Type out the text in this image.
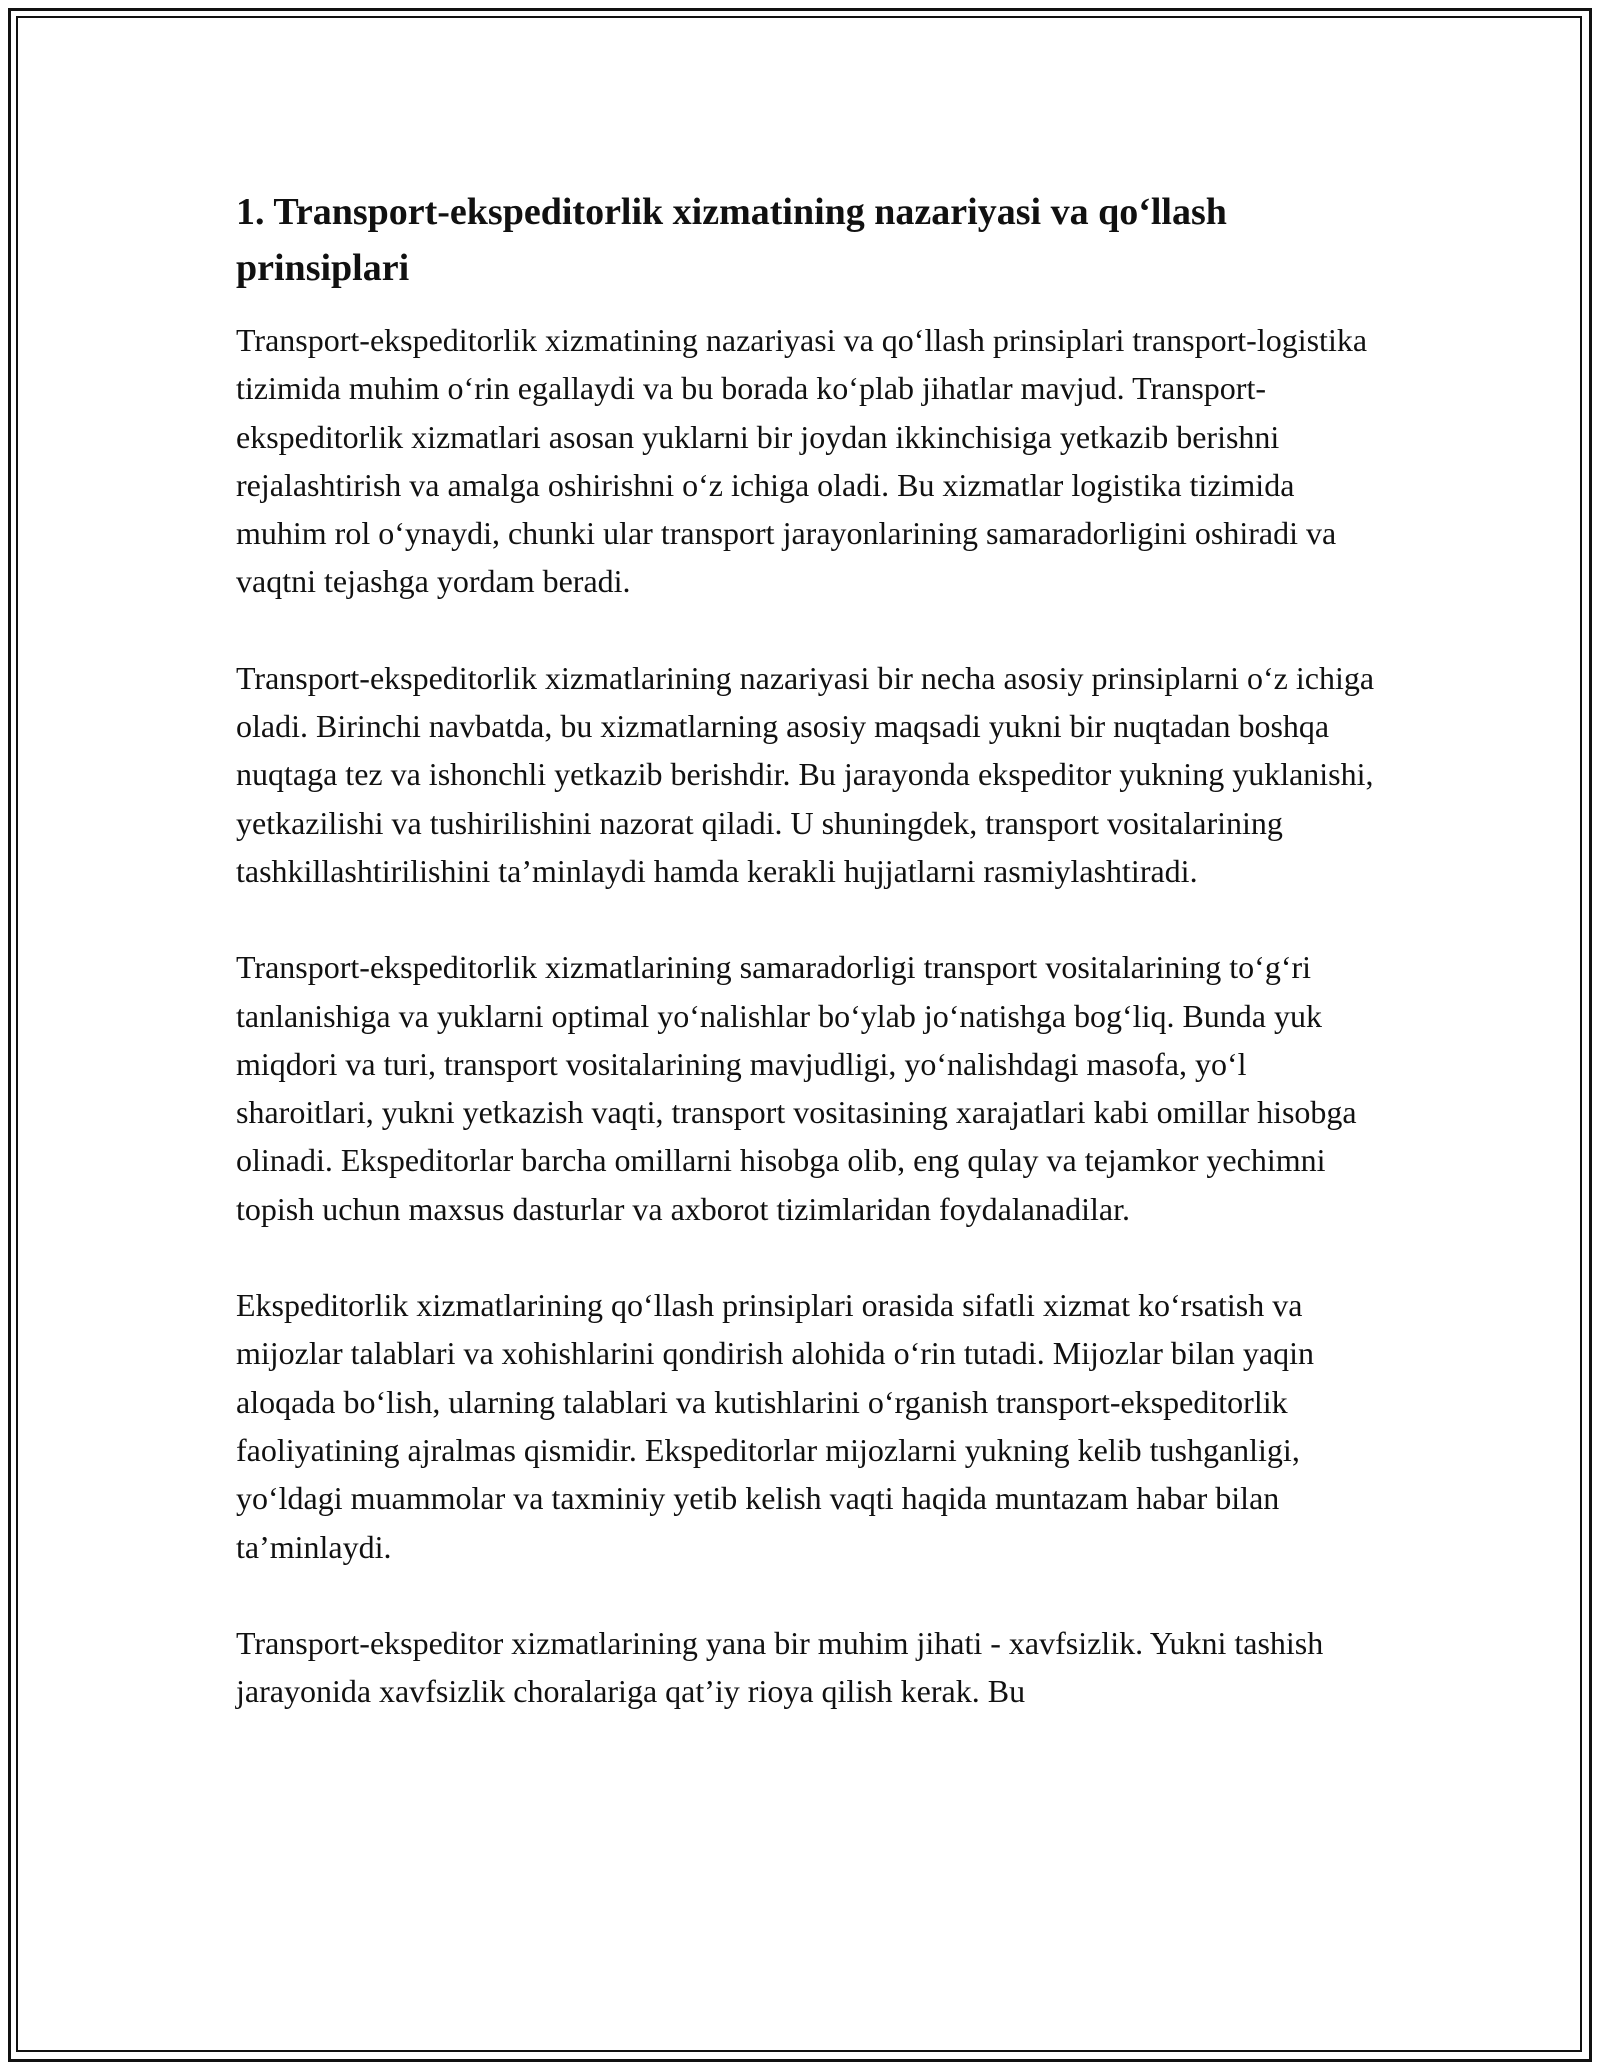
1. Transport-ekspeditorlik xizmatining nazariyasi va qo‘llash prinsiplari

Transport-ekspeditorlik xizmatining nazariyasi va qo‘llash prinsiplari transport-logistika tizimida muhim o‘rin egallaydi va bu borada ko‘plab jihatlar mavjud. Transport-ekspeditorlik xizmatlari asosan yuklarni bir joydan ikkinchisiga yetkazib berishni rejalashtirish va amalga oshirishni o‘z ichiga oladi. Bu xizmatlar logistika tizimida muhim rol o‘ynaydi, chunki ular transport jarayonlarining samaradorligini oshiradi va vaqtni tejashga yordam beradi.

Transport-ekspeditorlik xizmatlarining nazariyasi bir necha asosiy prinsiplarni o‘z ichiga oladi. Birinchi navbatda, bu xizmatlarning asosiy maqsadi yukni bir nuqtadan boshqa nuqtaga tez va ishonchli yetkazib berishdir. Bu jarayonda ekspeditor yukning yuklanishi, yetkazilishi va tushirilishini nazorat qiladi. U shuningdek, transport vositalarining tashkillashtirilishini ta’minlaydi hamda kerakli hujjatlarni rasmiylashtiradi.

Transport-ekspeditorlik xizmatlarining samaradorligi transport vositalarining to‘g‘ri tanlanishiga va yuklarni optimal yo‘nalishlar bo‘ylab jo‘natishga bog‘liq. Bunda yuk miqdori va turi, transport vositalarining mavjudligi, yo‘nalishdagi masofa, yo‘l sharoitlari, yukni yetkazish vaqti, transport vositasining xarajatlari kabi omillar hisobga olinadi. Ekspeditorlar barcha omillarni hisobga olib, eng qulay va tejamkor yechimni topish uchun maxsus dasturlar va axborot tizimlaridan foydalanadilar.

Ekspeditorlik xizmatlarining qo‘llash prinsiplari orasida sifatli xizmat ko‘rsatish va mijozlar talablari va xohishlarini qondirish alohida o‘rin tutadi. Mijozlar bilan yaqin aloqada bo‘lish, ularning talablari va kutishlarini o‘rganish transport-ekspeditorlik faoliyatining ajralmas qismidir. Ekspeditorlar mijozlarni yukning kelib tushganligi, yo‘ldagi muammolar va taxminiy yetib kelish vaqti haqida muntazam habar bilan ta’minlaydi.

Transport-ekspeditor xizmatlarining yana bir muhim jihati - xavfsizlik. Yukni tashish jarayonida xavfsizlik choralariga qat’iy rioya qilish kerak. Bu
